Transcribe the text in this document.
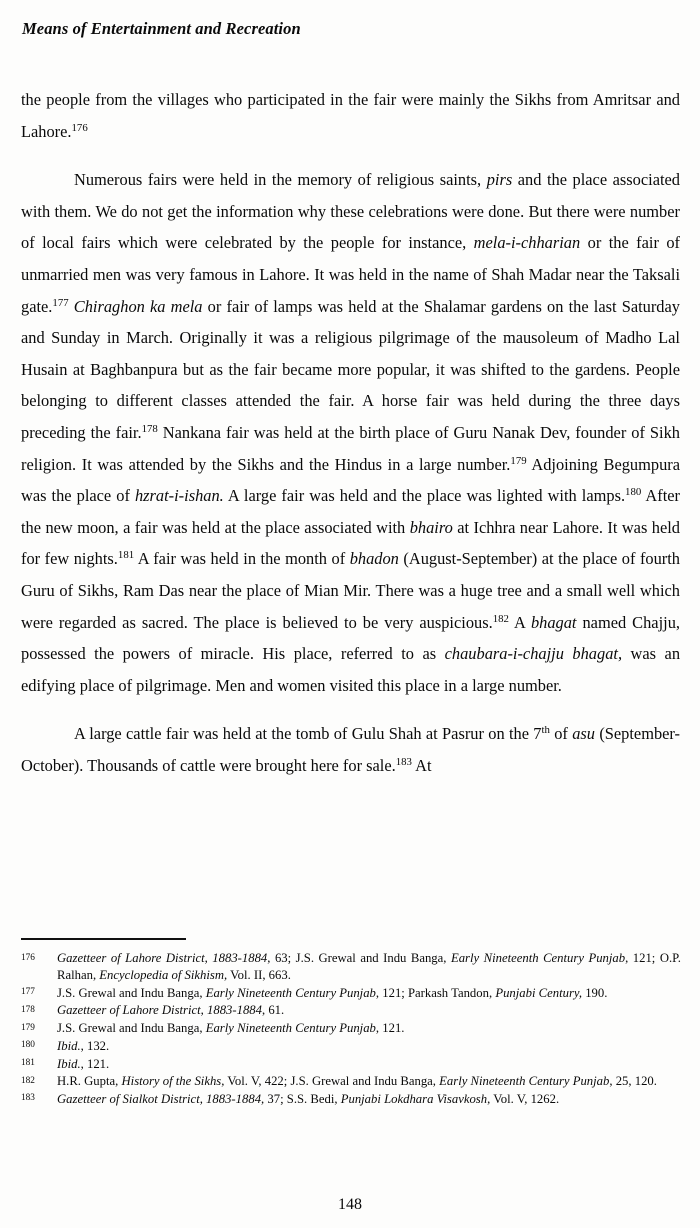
Means of Entertainment and Recreation

the people from the villages who participated in the fair were mainly the Sikhs from Amritsar and Lahore.$^{176}$

Numerous fairs were held in the memory of religious saints, pirs and the place associated with them. We do not get the information why these celebrations were done. But there were number of local fairs which were celebrated by the people for instance, mela-i-chharian or the fair of unmarried men was very famous in Lahore. It was held in the name of Shah Madar near the Taksali gate.$^{177}$ Chiraghon ka mela or fair of lamps was held at the Shalamar gardens on the last Saturday and Sunday in March. Originally it was a religious pilgrimage of the mausoleum of Madho Lal Husain at Baghbanpura but as the fair became more popular, it was shifted to the gardens. People belonging to different classes attended the fair. A horse fair was held during the three days preceding the fair.$^{178}$ Nankana fair was held at the birth place of Guru Nanak Dev, founder of Sikh religion. It was attended by the Sikhs and the Hindus in a large number.$^{179}$ Adjoining Begumpura was the place of hzrat-i-ishan. A large fair was held and the place was lighted with lamps.$^{180}$ After the new moon, a fair was held at the place associated with bhairo at Ichhra near Lahore. It was held for few nights.$^{181}$ A fair was held in the month of bhadon (August-September) at the place of fourth Guru of Sikhs, Ram Das near the place of Mian Mir. There was a huge tree and a small well which were regarded as sacred. The place is believed to be very auspicious.$^{182}$ A bhagat named Chajju, possessed the powers of miracle. His place, referred to as chaubara-i-chajju bhagat, was an edifying place of pilgrimage. Men and women visited this place in a large number.

A large cattle fair was held at the tomb of Gulu Shah at Pasrur on the 7th of asu (September-October). Thousands of cattle were brought here for sale.$^{183}$ At

176	Gazetteer of Lahore District, 1883-1884, 63; J.S. Grewal and Indu Banga, Early Nineteenth Century Punjab, 121; O.P. Ralhan, Encyclopedia of Sikhism, Vol. II, 663.
177	J.S. Grewal and Indu Banga, Early Nineteenth Century Punjab, 121; Parkash Tandon, Punjabi Century, 190.
178	Gazetteer of Lahore District, 1883-1884, 61.
179	J.S. Grewal and Indu Banga, Early Nineteenth Century Punjab, 121.
180	Ibid., 132.
181	Ibid., 121.
182	H.R. Gupta, History of the Sikhs, Vol. V, 422; J.S. Grewal and Indu Banga, Early Nineteenth Century Punjab, 25, 120.
183	Gazetteer of Sialkot District, 1883-1884, 37; S.S. Bedi, Punjabi Lokdhara Visavkosh, Vol. V, 1262.
148
